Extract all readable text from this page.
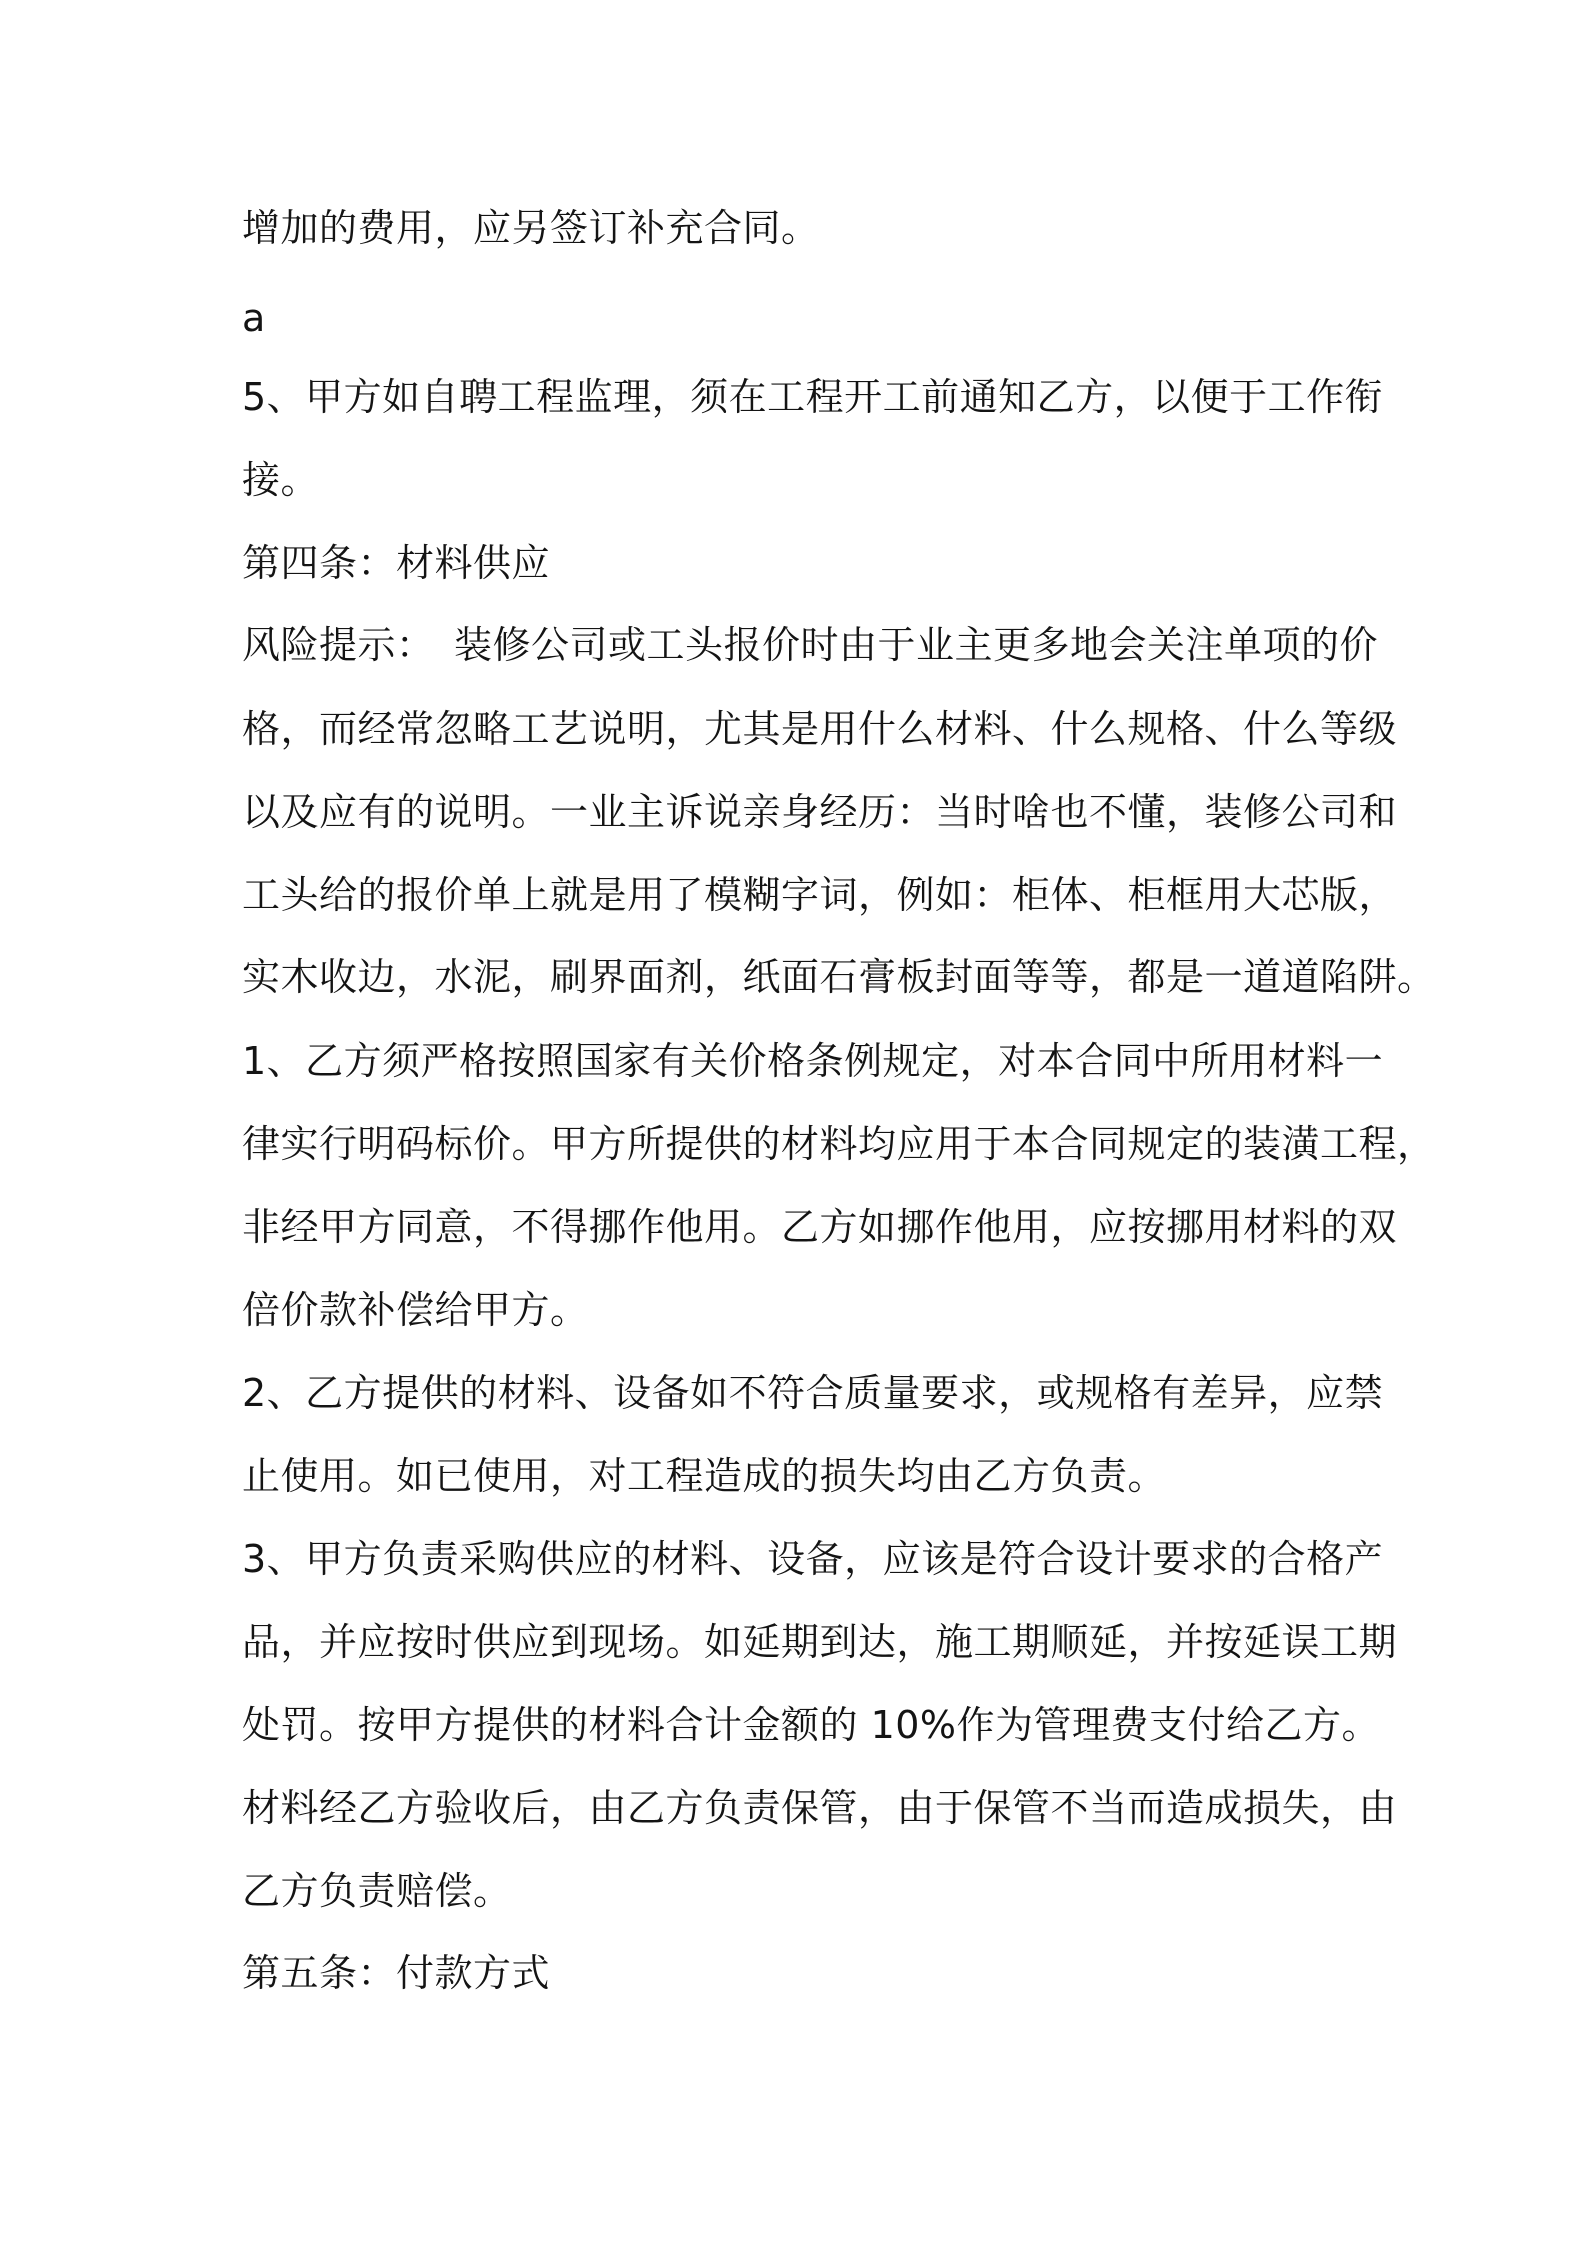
增加的费用，应另签订补充合同。
a
5、甲方如自聘工程监理，须在工程开工前通知乙方，以便于工作衔
接。
第四条：材料供应
风险提示：　装修公司或工头报价时由于业主更多地会关注单项的价
格，而经常忽略工艺说明，尤其是用什么材料、什么规格、什么等级
以及应有的说明。一业主诉说亲身经历：当时啥也不懂，装修公司和
工头给的报价单上就是用了模糊字词，例如：柜体、柜框用大芯版，
实木收边，水泥，刷界面剂，纸面石膏板封面等等，都是一道道陷阱。
1、乙方须严格按照国家有关价格条例规定，对本合同中所用材料一
律实行明码标价。甲方所提供的材料均应用于本合同规定的装潢工程，
非经甲方同意，不得挪作他用。乙方如挪作他用，应按挪用材料的双
倍价款补偿给甲方。
2、乙方提供的材料、设备如不符合质量要求，或规格有差异，应禁
止使用。如已使用，对工程造成的损失均由乙方负责。
3、甲方负责采购供应的材料、设备，应该是符合设计要求的合格产
品，并应按时供应到现场。如延期到达，施工期顺延，并按延误工期
处罚。按甲方提供的材料合计金额的 10%作为管理费支付给乙方。
材料经乙方验收后，由乙方负责保管，由于保管不当而造成损失，由
乙方负责赔偿。
第五条：付款方式
